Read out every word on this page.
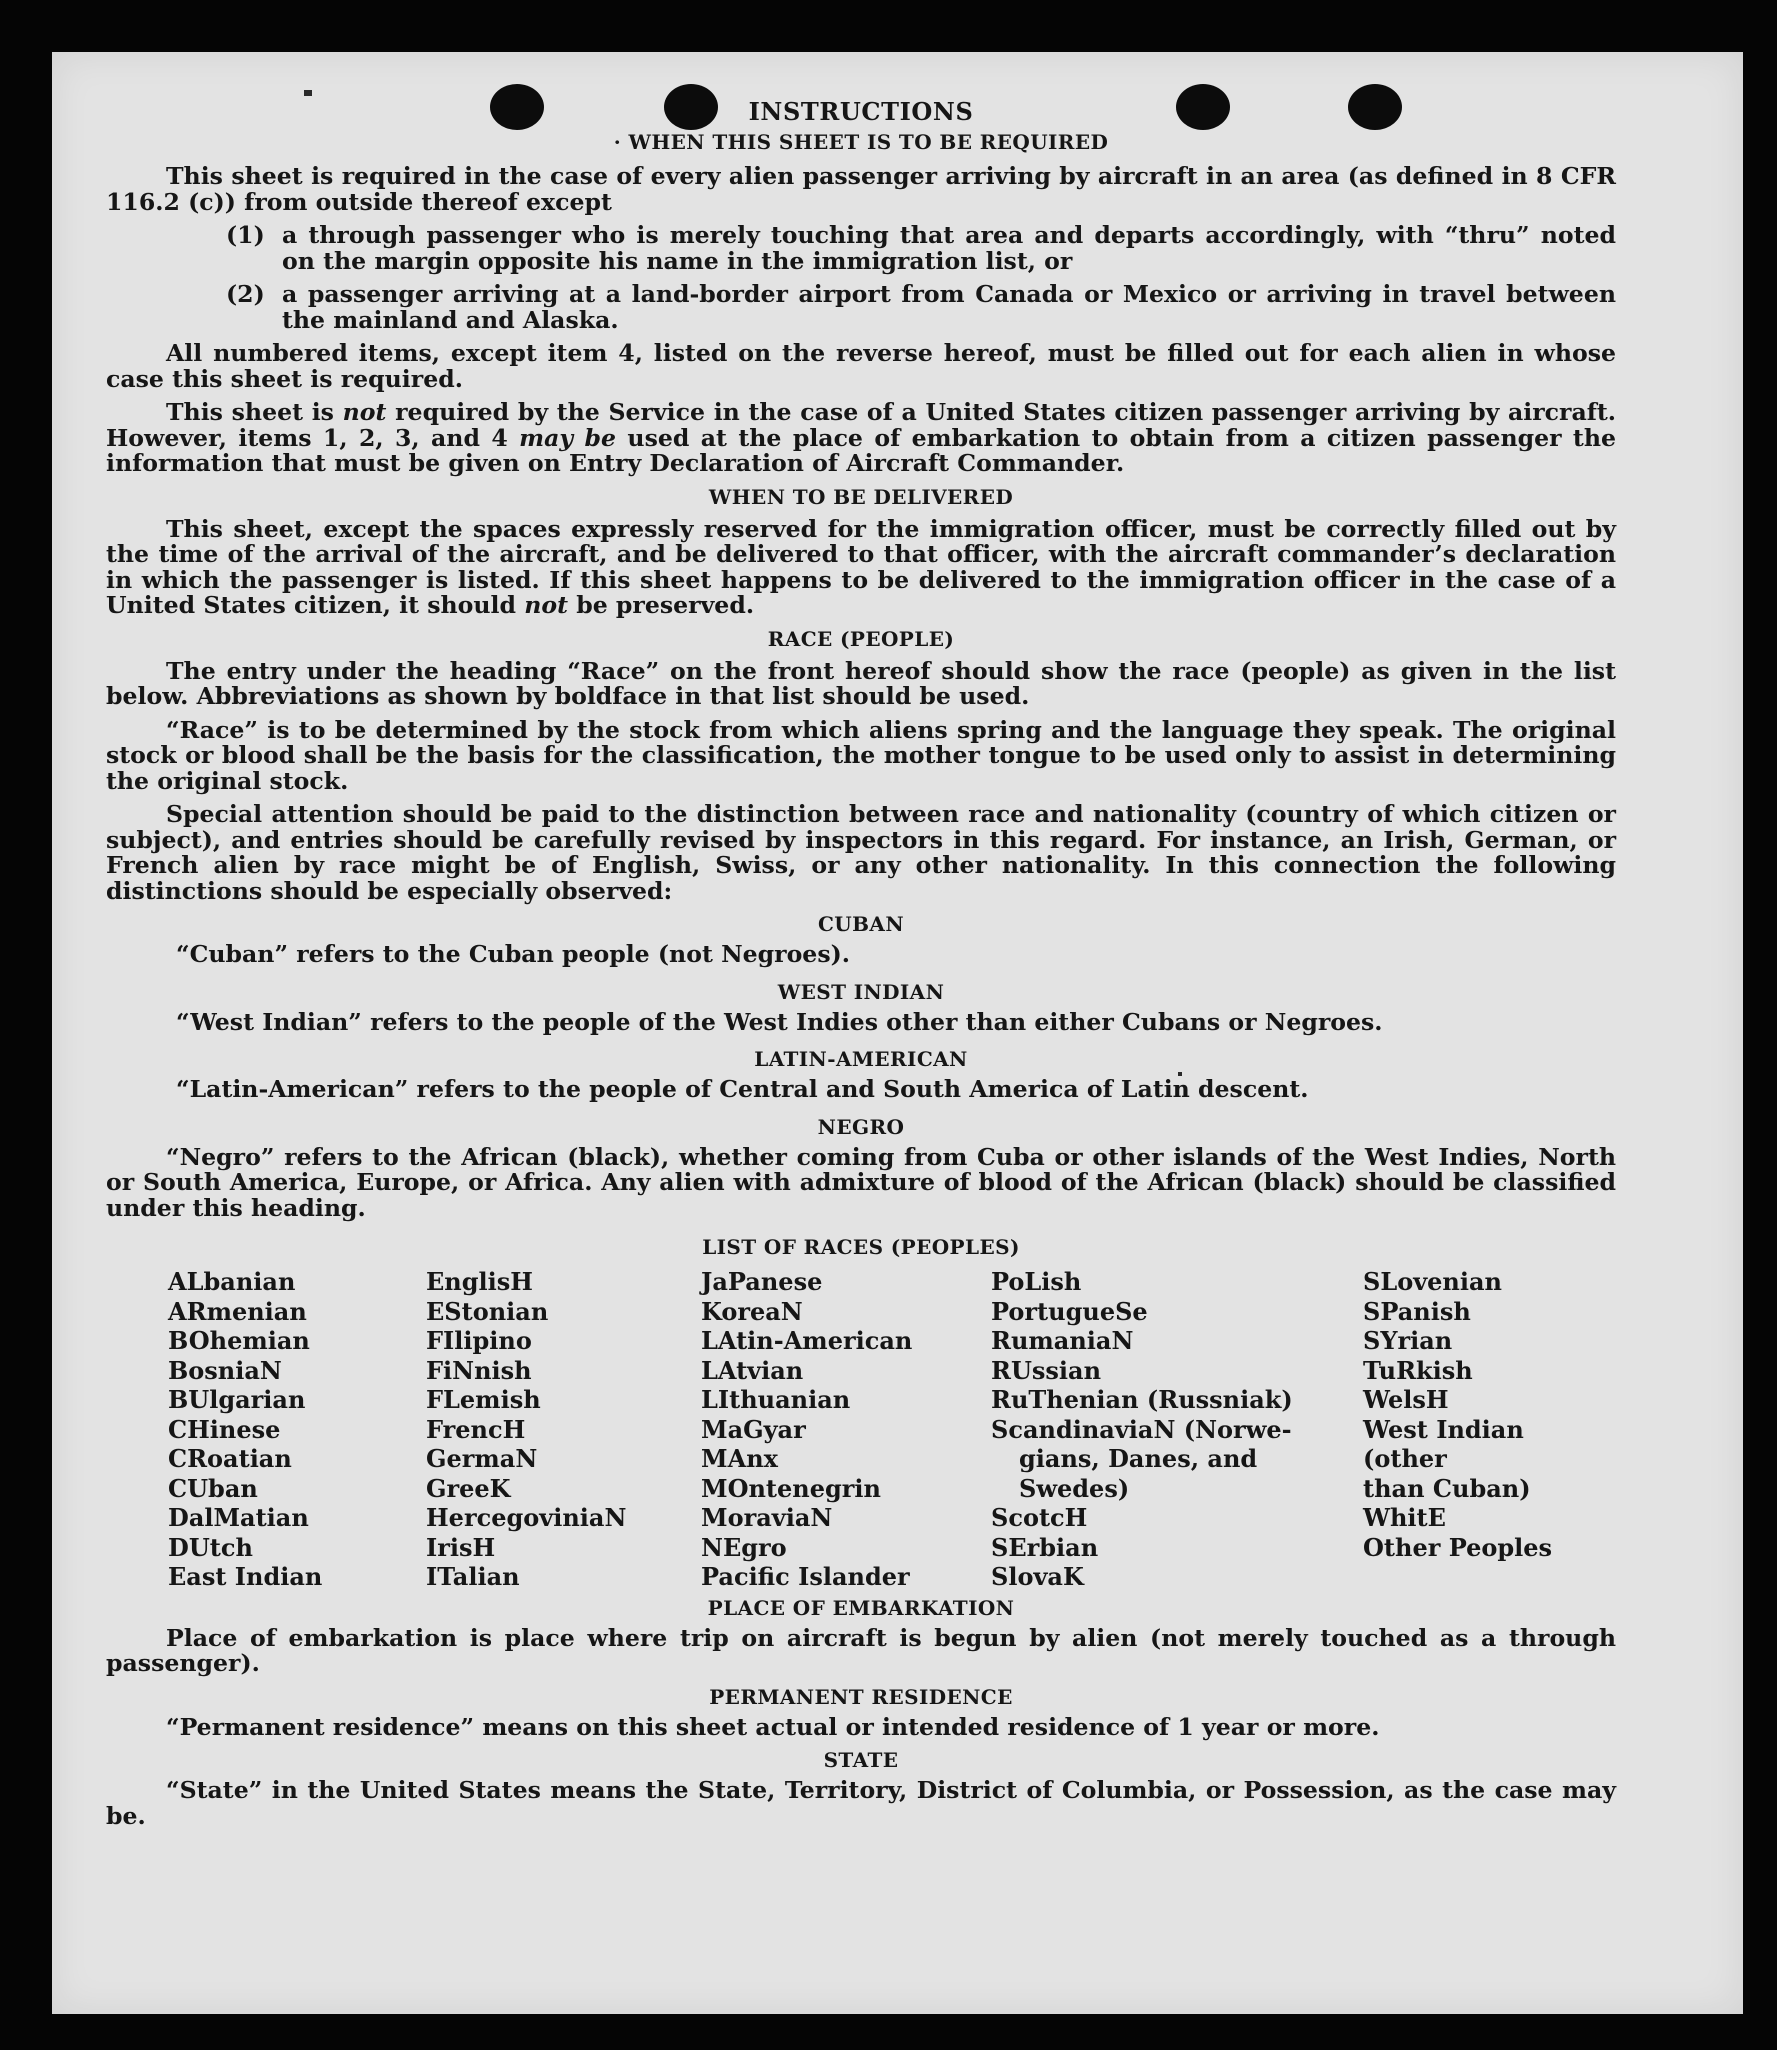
INSTRUCTIONS
· WHEN THIS SHEET IS TO BE REQUIRED

This sheet is required in the case of every alien passenger arriving by aircraft in an area (as defined in 8 CFR 116.2 (c)) from outside thereof except

(1) a through passenger who is merely touching that area and departs accordingly, with “thru” noted on the margin opposite his name in the immigration list, or
(2) a passenger arriving at a land-border airport from Canada or Mexico or arriving in travel between the mainland and Alaska.

All numbered items, except item 4, listed on the reverse hereof, must be filled out for each alien in whose case this sheet is required.

This sheet is not required by the Service in the case of a United States citizen passenger arriving by aircraft. However, items 1, 2, 3, and 4 may be used at the place of embarkation to obtain from a citizen passenger the information that must be given on Entry Declaration of Aircraft Commander.

WHEN TO BE DELIVERED

This sheet, except the spaces expressly reserved for the immigration officer, must be correctly filled out by the time of the arrival of the aircraft, and be delivered to that officer, with the aircraft commander’s declaration in which the passenger is listed. If this sheet happens to be delivered to the immigration officer in the case of a United States citizen, it should not be preserved.

RACE (PEOPLE)

The entry under the heading “Race” on the front hereof should show the race (people) as given in the list below. Abbreviations as shown by boldface in that list should be used.

“Race” is to be determined by the stock from which aliens spring and the language they speak. The original stock or blood shall be the basis for the classification, the mother tongue to be used only to assist in determining the original stock.

Special attention should be paid to the distinction between race and nationality (country of which citizen or subject), and entries should be carefully revised by inspectors in this regard. For instance, an Irish, German, or French alien by race might be of English, Swiss, or any other nationality. In this connection the following distinctions should be especially observed:

CUBAN
“Cuban” refers to the Cuban people (not Negroes).
WEST INDIAN
“West Indian” refers to the people of the West Indies other than either Cubans or Negroes.
LATIN-AMERICAN
“Latin-American” refers to the people of Central and South America of Latin descent.
NEGRO

“Negro” refers to the African (black), whether coming from Cuba or other islands of the West Indies, North or South America, Europe, or Africa. Any alien with admixture of blood of the African (black) should be classified under this heading.

LIST OF RACES (PEOPLES)
ALbanian
ARmenian
BOhemian
BosniaN
BUlgarian
CHinese
CRoatian
CUban
DalMatian
DUtch
East Indian
EnglisH
EStonian
FIlipino
FiNnish
FLemish
FrencH
GermaN
GreeK
HercegoviniaN
IrisH
ITalian
JaPanese
KoreaN
LAtin-American
LAtvian
LIthuanian
MaGyar
MAnx
MOntenegrin
MoraviaN
NEgro
Pacific Islander
PoLish
PortugueSe
RumaniaN
RUssian
RuThenian (Russniak)
ScandinaviaN (Norwe-
gians, Danes, and
Swedes)
ScotcH
SErbian
SlovaK
SLovenian
SPanish
SYrian
TuRkish
WelsH
West Indian (other
than Cuban)
WhitE
Other Peoples
PLACE OF EMBARKATION

Place of embarkation is place where trip on aircraft is begun by alien (not merely touched as a through passenger).

PERMANENT RESIDENCE

“Permanent residence” means on this sheet actual or intended residence of 1 year or more.

STATE

“State” in the United States means the State, Territory, District of Columbia, or Possession, as the case may be.
